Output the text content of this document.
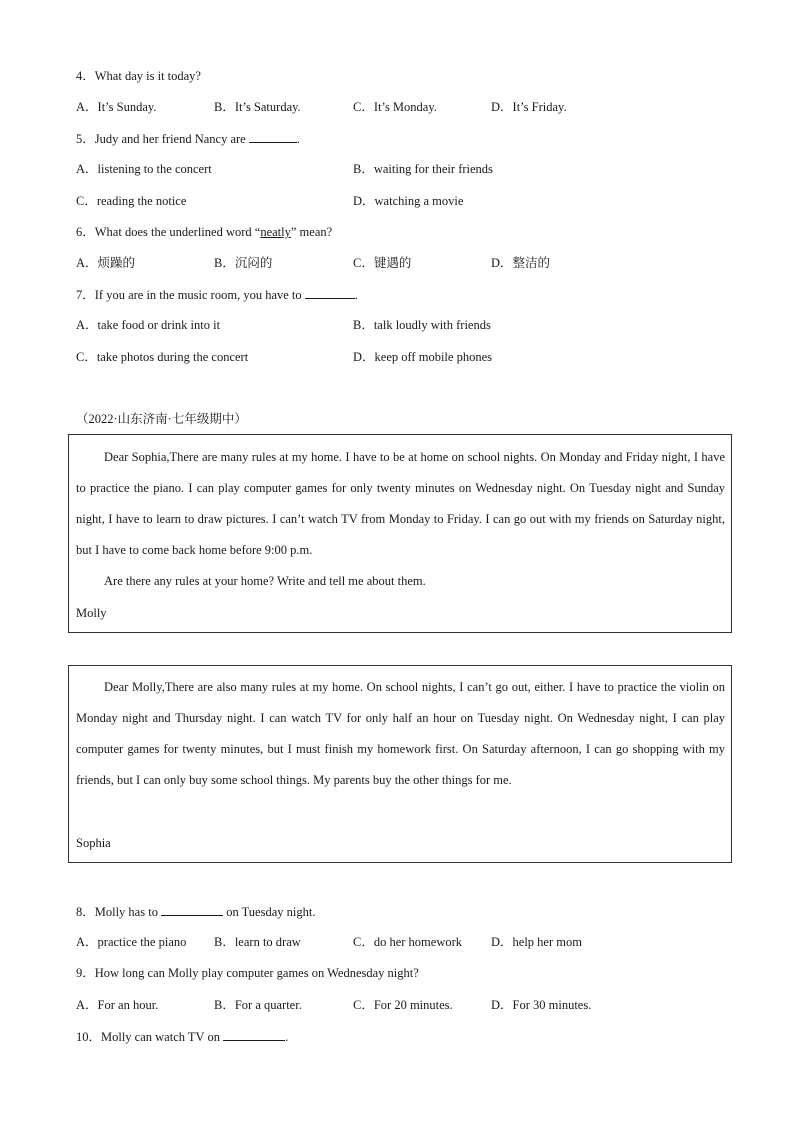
4．What day is it today?
A．It’s Sunday.	B．It’s Saturday.	C．It’s Monday.	D．It’s Friday.
5．Judy and her friend Nancy are	.
A．listening to the concert	B．waiting for their friends
C．reading the notice	D．watching a movie
6．What does the underlined word “neatly” mean?
A．烦躁的	B．沉闷的	C．键遇的	D．整洁的
7．If you are in the music room, you have to	.
A．take food or drink into it	B．talk loudly with friends
C．take photos during the concert	D．keep off mobile phones
（2022·山东济南·七年级期中）

Dear Sophia,There are many rules at my home. I have to be at home on school nights. On Monday and Friday night, I have to practice the piano. I can play computer games for only twenty minutes on Wednesday night. On Tuesday night and Sunday night, I have to learn to draw pictures. I can’t watch TV from Monday to Friday. I can go out with my friends on Saturday night, but I have to come back home before 9:00 p.m.

Are there any rules at your home? Write and tell me about them.

Molly

Dear Molly,There are also many rules at my home. On school nights, I can’t go out, either. I have to practice the violin on Monday night and Thursday night. I can watch TV for only half an hour on Tuesday night. On Wednesday night, I can play computer games for twenty minutes, but I must finish my homework first. On Saturday afternoon, I can go shopping with my friends, but I can only buy some school things. My parents buy the other things for me.

Sophia
8．Molly has to	on Tuesday night.
A．practice the piano B．learn to draw	C．do her homework D．help her mom
9．How long can Molly play computer games on Wednesday night?
A．For an hour.	B．For a quarter.	C．For 20 minutes.	D．For 30 minutes.
10．Molly can watch TV on	.
